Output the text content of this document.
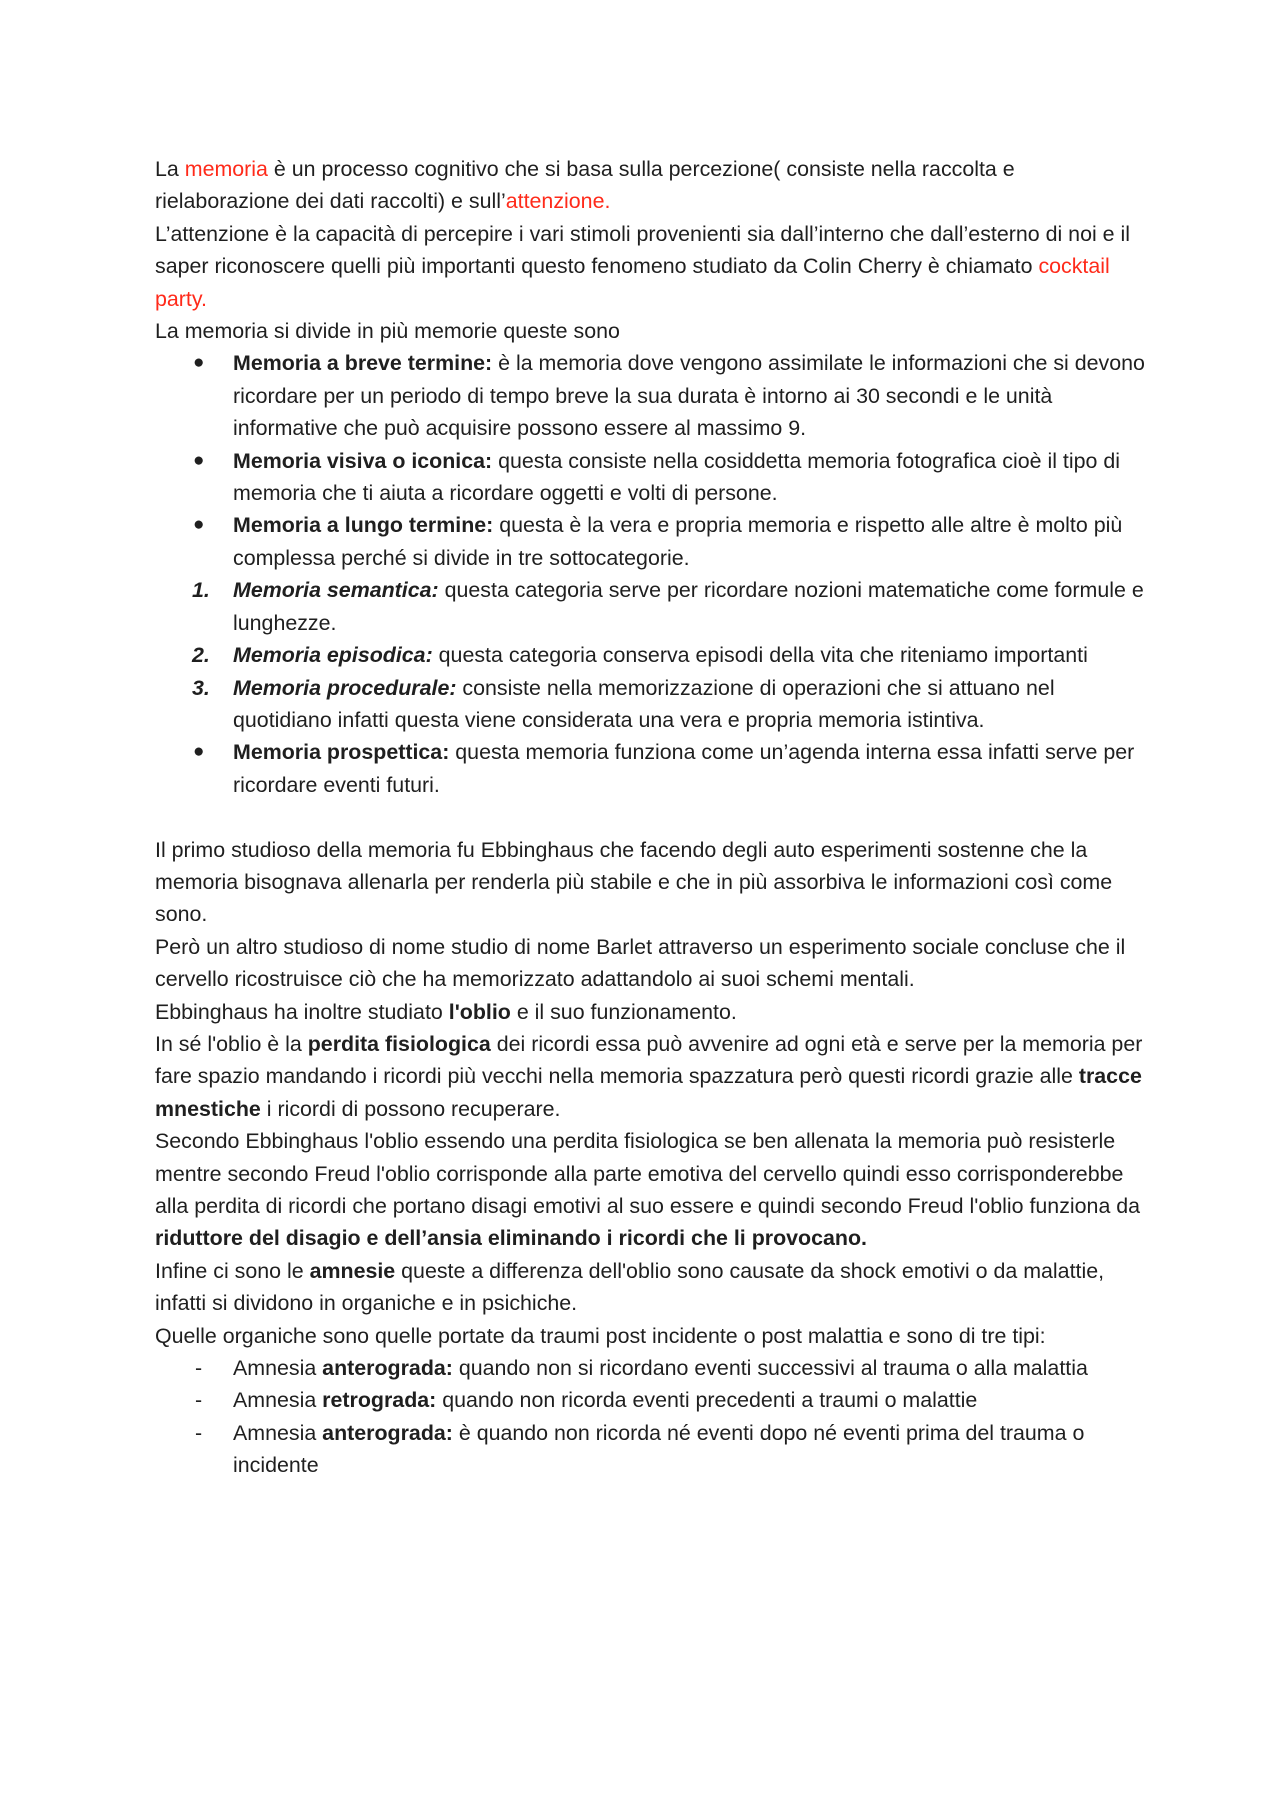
La memoria è un processo cognitivo che si basa sulla percezione( consiste nella raccolta e rielaborazione dei dati raccolti) e sull’attenzione.

L’attenzione è la capacità di percepire i vari stimoli provenienti sia dall’interno che dall’esterno di noi e il saper riconoscere quelli più importanti questo fenomeno studiato da Colin Cherry è chiamato cocktail party.

La memoria si divide in più memorie queste sono

● Memoria a breve termine: è la memoria dove vengono assimilate le informazioni che si devono ricordare per un periodo di tempo breve la sua durata è intorno ai 30 secondi e le unità informative che può acquisire possono essere al massimo 9.
● Memoria visiva o iconica: questa consiste nella cosiddetta memoria fotografica cioè il tipo di memoria che ti aiuta a ricordare oggetti e volti di persone.
● Memoria a lungo termine: questa è la vera e propria memoria e rispetto alle altre è molto più complessa perché si divide in tre sottocategorie.
1. Memoria semantica: questa categoria serve per ricordare nozioni matematiche come formule e lunghezze.
2. Memoria episodica: questa categoria conserva episodi della vita che riteniamo importanti
3. Memoria procedurale: consiste nella memorizzazione di operazioni che si attuano nel quotidiano infatti questa viene considerata una vera e propria memoria istintiva.
● Memoria prospettica: questa memoria funziona come un’agenda interna essa infatti serve per ricordare eventi futuri.

Il primo studioso della memoria fu Ebbinghaus che facendo degli auto esperimenti sostenne che la memoria bisognava allenarla per renderla più stabile e che in più assorbiva le informazioni così come sono.

Però un altro studioso di nome studio di nome Barlet attraverso un esperimento sociale concluse che il cervello ricostruisce ciò che ha memorizzato adattandolo ai suoi schemi mentali.

Ebbinghaus ha inoltre studiato l'oblio e il suo funzionamento.

In sé l'oblio è la perdita fisiologica dei ricordi essa può avvenire ad ogni età e serve per la memoria per fare spazio mandando i ricordi più vecchi nella memoria spazzatura però questi ricordi grazie alle tracce mnestiche i ricordi di possono recuperare.

Secondo Ebbinghaus l'oblio essendo una perdita fisiologica se ben allenata la memoria può resisterle mentre secondo Freud l'oblio corrisponde alla parte emotiva del cervello quindi esso corrisponderebbe alla perdita di ricordi che portano disagi emotivi al suo essere e quindi secondo Freud l'oblio funziona da riduttore del disagio e dell’ansia eliminando i ricordi che li provocano.

Infine ci sono le amnesie queste a differenza dell'oblio sono causate da shock emotivi o da malattie, infatti si dividono in organiche e in psichiche.

Quelle organiche sono quelle portate da traumi post incidente o post malattia e sono di tre tipi:

- Amnesia anterograda: quando non si ricordano eventi successivi al trauma o alla malattia
- Amnesia retrograda: quando non ricorda eventi precedenti a traumi o malattie
- Amnesia anterograda: è quando non ricorda né eventi dopo né eventi prima del trauma o incidente
